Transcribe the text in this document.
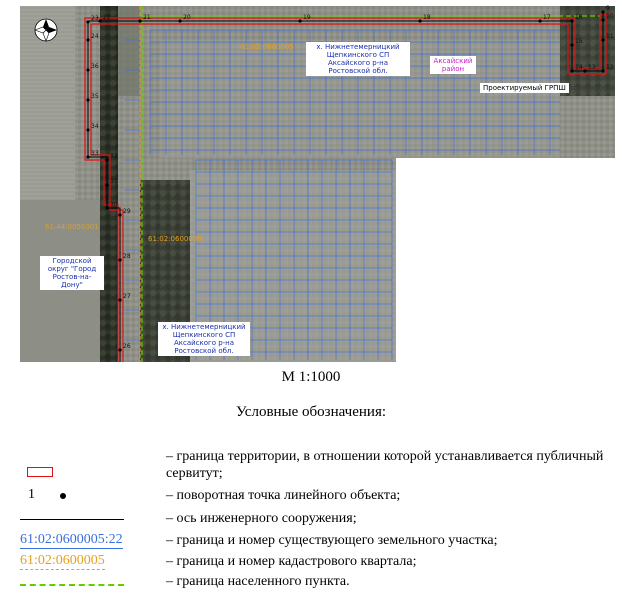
26
27
28
29
30
31
32
33
34
35
36
24
23 22	21	20	19	18	17	16
15
14 13 12
11
10
9
61:02:0600005
61:02:0600005
61:44:0050301
х. Нижнетемерницкий Щепкинского СП Аксайского р-на Ростовской обл.
х. Нижнетемерницкий Щепкинского СП Аксайского р-на Ростовской обл.
Аксайский район
Городской округ "Город Ростов-на-Дону"
Проектируемый ГРПШ
М 1:1000
Условные обозначения:
– граница территории, в отношении которой устанавливается публичный сервитут;
1	– поворотная точка линейного объекта;
– ось инженерного сооружения;
61:02:0600005:22	– граница и номер существующего земельного участка;
61:02:0600005	– граница и номер кадастрового квартала;
– граница населенного пункта.
